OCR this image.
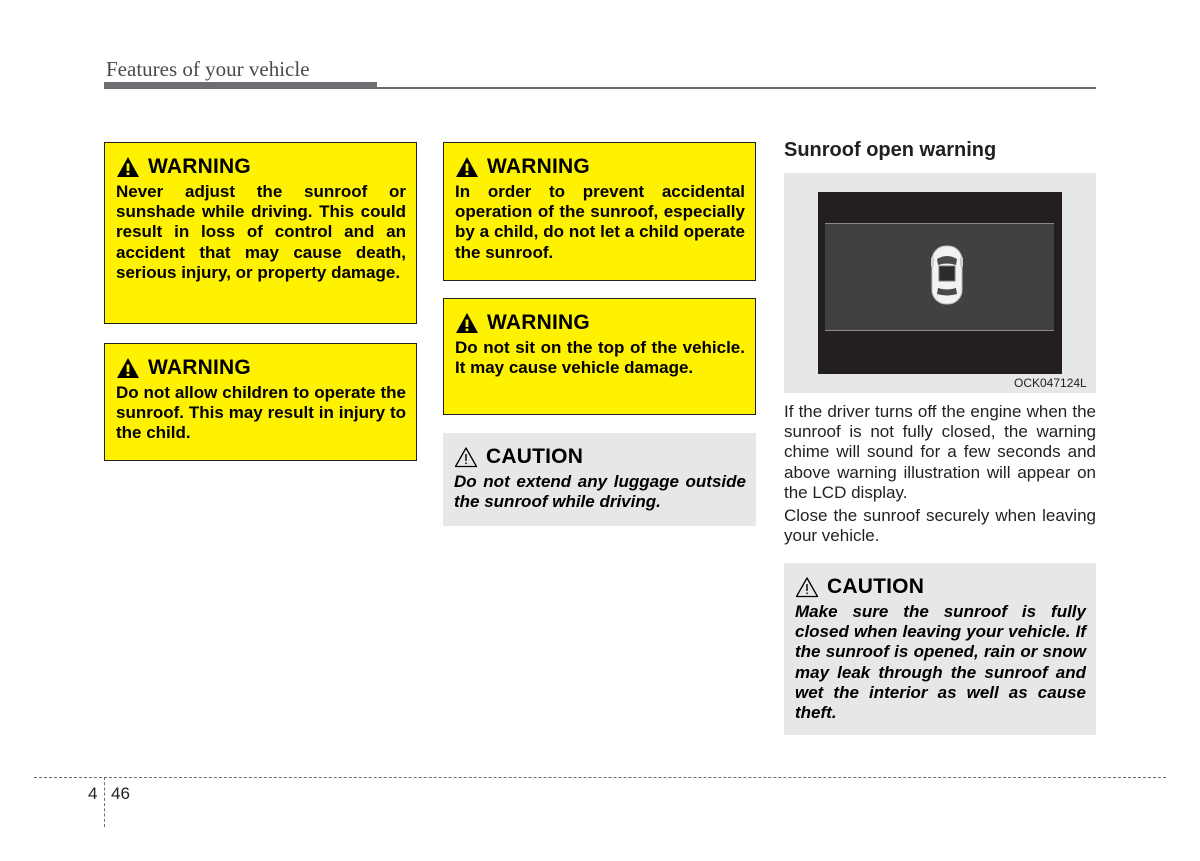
Features of your vehicle
WARNING
Never adjust the sunroof or sunshade while driving. This could result in loss of control and an accident that may cause death, serious injury, or property damage.
WARNING
Do not allow children to operate the sunroof. This may result in injury to the child.
WARNING
In order to prevent accidental operation of the sunroof, especially by a child, do not let a child operate the sunroof.
WARNING
Do not sit on the top of the vehicle. It may cause vehicle damage.
CAUTION
Do not extend any luggage outside the sunroof while driving.
Sunroof open warning
OCK047124L
If the driver turns off the engine when the sunroof is not fully closed, the warning chime will sound for a few seconds and above warning illustration will appear on the LCD display.
Close the sunroof securely when leaving your vehicle.
CAUTION
Make sure the sunroof is fully closed when leaving your vehicle. If the sunroof is opened, rain or snow may leak through the sunroof and wet the interior as well as cause theft.
4 46
